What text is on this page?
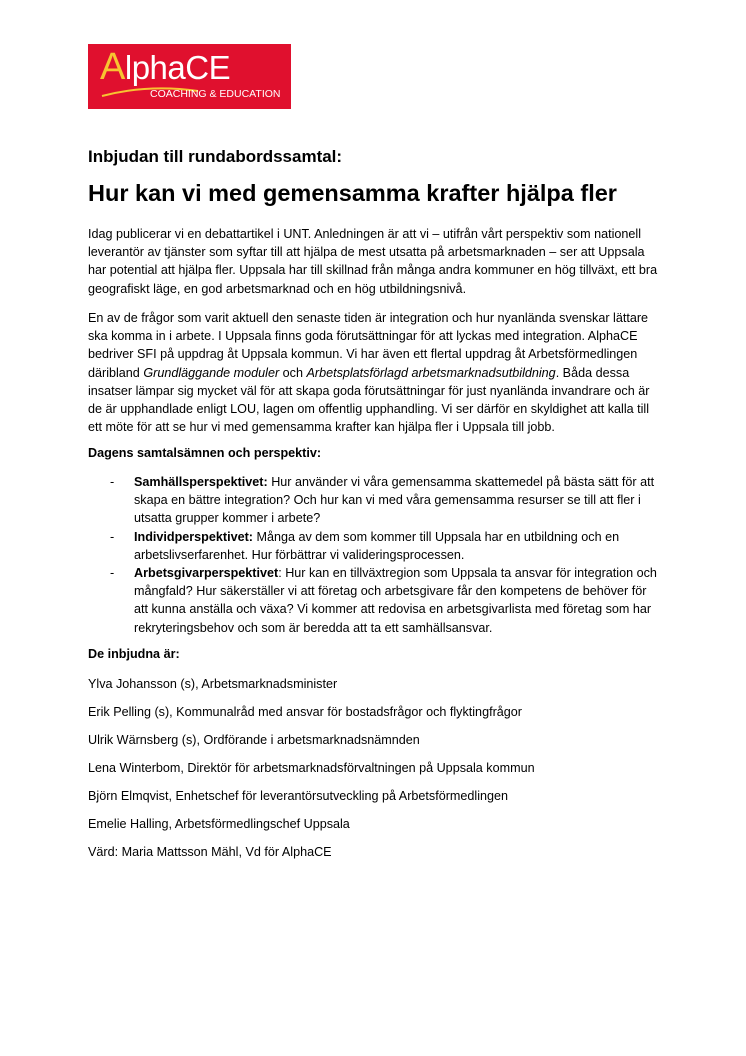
AlphaCE
COACHING & EDUCATION
Inbjudan till rundabordssamtal:
Hur kan vi med gemensamma krafter hjälpa fler

Idag publicerar vi en debattartikel i UNT. Anledningen är att vi – utifrån vårt perspektiv som nationell leverantör av tjänster som syftar till att hjälpa de mest utsatta på arbetsmarknaden – ser att Uppsala har potential att hjälpa fler. Uppsala har till skillnad från många andra kommuner en hög tillväxt, ett bra geografiskt läge, en god arbetsmarknad och en hög utbildningsnivå.

En av de frågor som varit aktuell den senaste tiden är integration och hur nyanlända svenskar lättare ska komma in i arbete. I Uppsala finns goda förutsättningar för att lyckas med integration. AlphaCE bedriver SFI på uppdrag åt Uppsala kommun. Vi har även ett flertal uppdrag åt Arbetsförmedlingen däribland Grundläggande moduler och Arbetsplatsförlagd arbetsmarknadsutbildning. Båda dessa insatser lämpar sig mycket väl för att skapa goda förutsättningar för just nyanlända invandrare och är de är upphandlade enligt LOU, lagen om offentlig upphandling. Vi ser därför en skyldighet att kalla till ett möte för att se hur vi med gemensamma krafter kan hjälpa fler i Uppsala till jobb.

Dagens samtalsämnen och perspektiv:
- Samhällsperspektivet: Hur använder vi våra gemensamma skattemedel på bästa sätt för att skapa en bättre integration? Och hur kan vi med våra gemensamma resurser se till att fler i utsatta grupper kommer i arbete?
- Individperspektivet: Många av dem som kommer till Uppsala har en utbildning och en arbetslivserfarenhet. Hur förbättrar vi valideringsprocessen.
- Arbetsgivarperspektivet: Hur kan en tillväxtregion som Uppsala ta ansvar för integration och mångfald? Hur säkerställer vi att företag och arbetsgivare får den kompetens de behöver för att kunna anställa och växa? Vi kommer att redovisa en arbetsgivarlista med företag som har rekryteringsbehov och som är beredda att ta ett samhällsansvar.
De inbjudna är:
Ylva Johansson (s), Arbetsmarknadsminister
Erik Pelling (s), Kommunalråd med ansvar för bostadsfrågor och flyktingfrågor
Ulrik Wärnsberg (s), Ordförande i arbetsmarknadsnämnden
Lena Winterbom, Direktör för arbetsmarknadsförvaltningen på Uppsala kommun
Björn Elmqvist, Enhetschef för leverantörsutveckling på Arbetsförmedlingen
Emelie Halling, Arbetsförmedlingschef Uppsala
Värd: Maria Mattsson Mähl, Vd för AlphaCE
